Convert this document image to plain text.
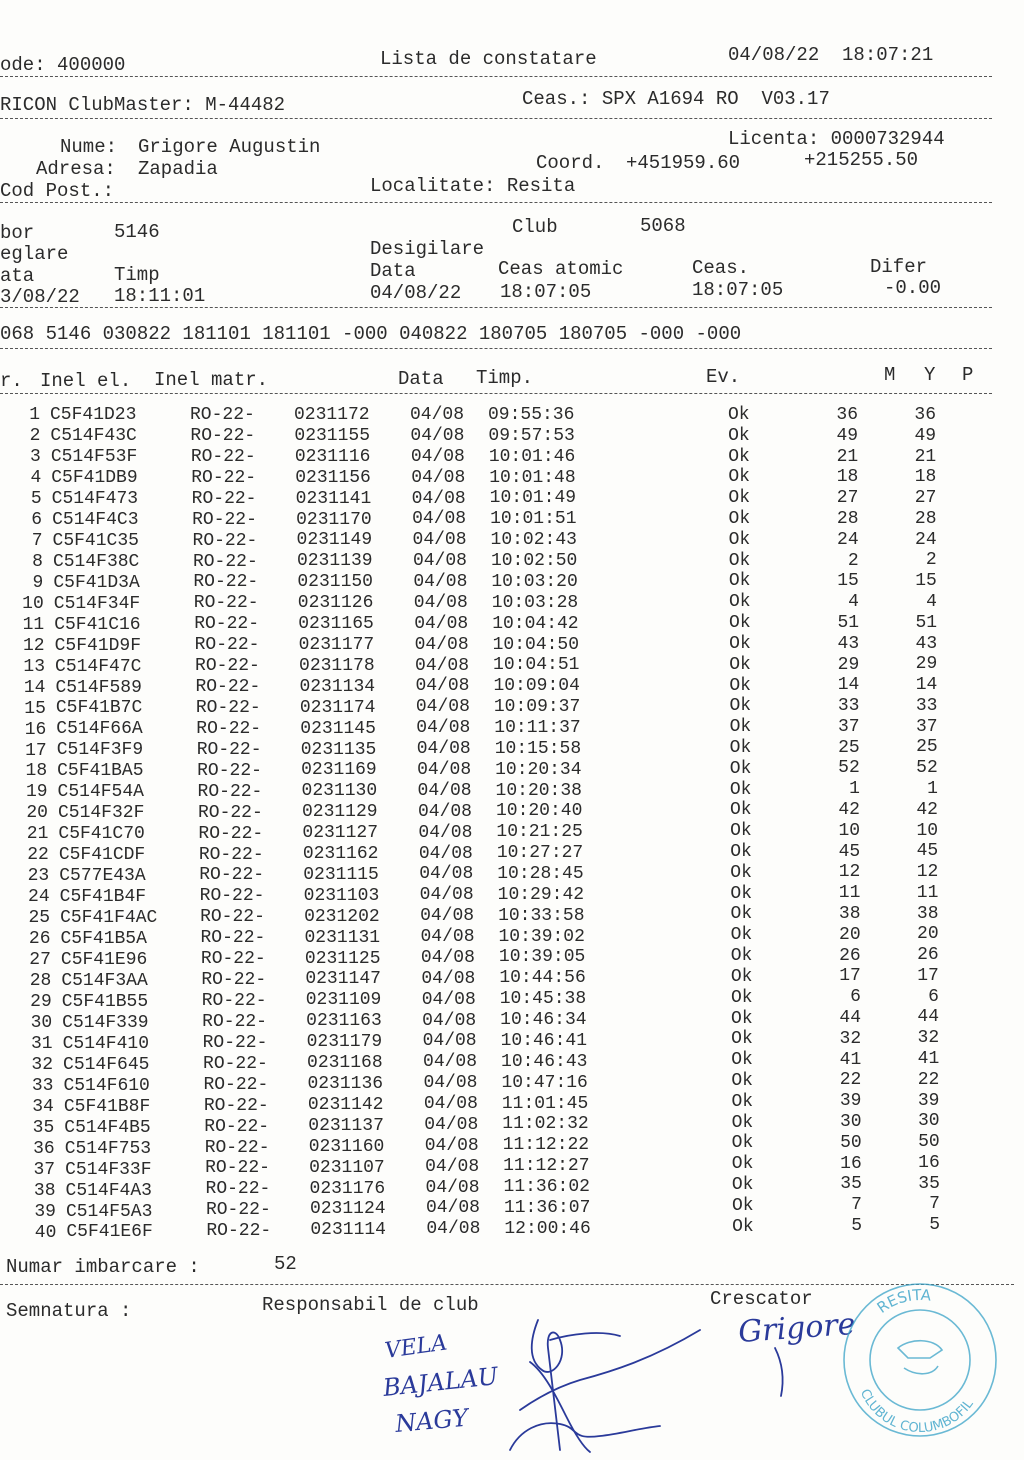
ode: 400000	Lista de constatare	04/08/22  18:07:21
RICON ClubMaster: M-44482	Ceas.: SPX A1694 RO  V03.17
Nume: Grigore Augustin	Licenta: 0000732944
Adresa: Zapadia	Coord. +451959.60	+215255.50
Cod Post.:	Localitate: Resita
bor	5146	Club	5068
eglare	Desigilare
ata	Timp	Data	Ceas atomic	Ceas.	Difer
3/08/22 18:11:01	04/08/22 18:07:05	18:07:05	-0.00
068 5146 030822 181101 181101 -000 040822 180705 180705 -000 -000
r. Inel el. Inel matr.	Data Timp.	Ev.	M Y P
1 C5F41D23	RO-22- 0231172 04/08 09:55:36	Ok	36	36
2 C514F43C	RO-22- 0231155 04/08 09:57:53	Ok	49	49
3 C514F53F	RO-22- 0231116 04/08 10:01:46	Ok	21	21
4 C5F41DB9	RO-22- 0231156 04/08 10:01:48	Ok	18	18
5 C514F473	RO-22- 0231141 04/08 10:01:49	Ok	27	27
6 C514F4C3	RO-22- 0231170 04/08 10:01:51	Ok	28	28
7 C5F41C35	RO-22- 0231149 04/08 10:02:43	Ok	24	24
8 C514F38C	RO-22- 0231139 04/08 10:02:50	Ok	2	2
9 C5F41D3A	RO-22- 0231150 04/08 10:03:20	Ok	15	15
10 C514F34F	RO-22- 0231126 04/08 10:03:28	Ok	4	4
11 C5F41C16	RO-22- 0231165 04/08 10:04:42	Ok	51	51
12 C5F41D9F	RO-22- 0231177 04/08 10:04:50	Ok	43	43
13 C514F47C	RO-22- 0231178 04/08 10:04:51	Ok	29	29
14 C514F589	RO-22- 0231134 04/08 10:09:04	Ok	14	14
15 C5F41B7C	RO-22- 0231174 04/08 10:09:37	Ok	33	33
16 C514F66A	RO-22- 0231145 04/08 10:11:37	Ok	37	37
17 C514F3F9	RO-22- 0231135 04/08 10:15:58	Ok	25	25
18 C5F41BA5	RO-22- 0231169 04/08 10:20:34	Ok	52	52
19 C514F54A	RO-22- 0231130 04/08 10:20:38	Ok	1	1
20 C514F32F	RO-22- 0231129 04/08 10:20:40	Ok	42	42
21 C5F41C70	RO-22- 0231127 04/08 10:21:25	Ok	10	10
22 C5F41CDF	RO-22- 0231162 04/08 10:27:27	Ok	45	45
23 C577E43A	RO-22- 0231115 04/08 10:28:45	Ok	12	12
24 C5F41B4F	RO-22- 0231103 04/08 10:29:42	Ok	11	11
25 C5F41F4AC RO-22- 0231202 04/08 10:33:58	Ok	38	38
26 C5F41B5A	RO-22- 0231131 04/08 10:39:02	Ok	20	20
27 C5F41E96	RO-22- 0231125 04/08 10:39:05	Ok	26	26
28 C514F3AA	RO-22- 0231147 04/08 10:44:56	Ok	17	17
29 C5F41B55	RO-22- 0231109 04/08 10:45:38	Ok	6	6
30 C514F339	RO-22- 0231163 04/08 10:46:34	Ok	44	44
31 C514F410	RO-22- 0231179 04/08 10:46:41	Ok	32	32
32 C514F645	RO-22- 0231168 04/08 10:46:43	Ok	41	41
33 C514F610	RO-22- 0231136 04/08 10:47:16	Ok	22	22
34 C5F41B8F	RO-22- 0231142 04/08 11:01:45	Ok	39	39
35 C514F4B5	RO-22- 0231137 04/08 11:02:32	Ok	30	30
36 C514F753	RO-22- 0231160 04/08 11:12:22	Ok	50	50
37 C514F33F	RO-22- 0231107 04/08 11:12:27	Ok	16	16
38 C514F4A3	RO-22- 0231176 04/08 11:36:02	Ok	35	35
39 C514F5A3	RO-22- 0231124 04/08 11:36:07	Ok	7	7
40 C5F41E6F	RO-22- 0231114 04/08 12:00:46	Ok	5	5
Numar imbarcare :	52
Semnatura :	Responsabil de club	Crescator
VELA
BAJALAU
NAGY
Grigore
RESITA
CLUBUL COLUMBOFIL
